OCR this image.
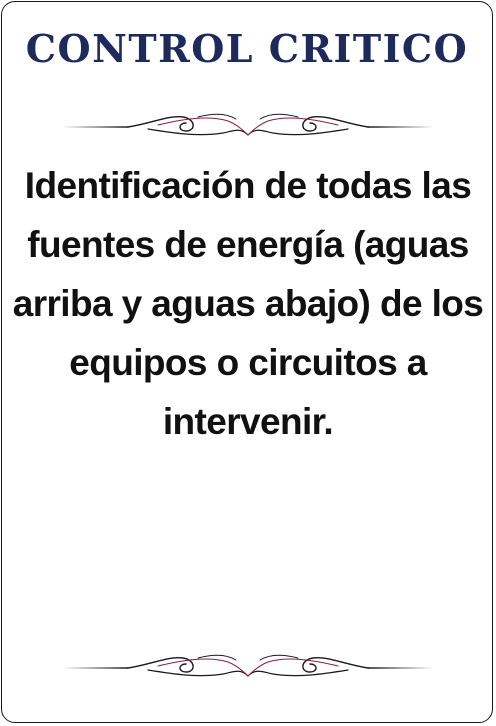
CONTROL CRITICO
Identificación de todas las fuentes de energía (aguas arriba y aguas abajo) de los equipos o circuitos a intervenir.
